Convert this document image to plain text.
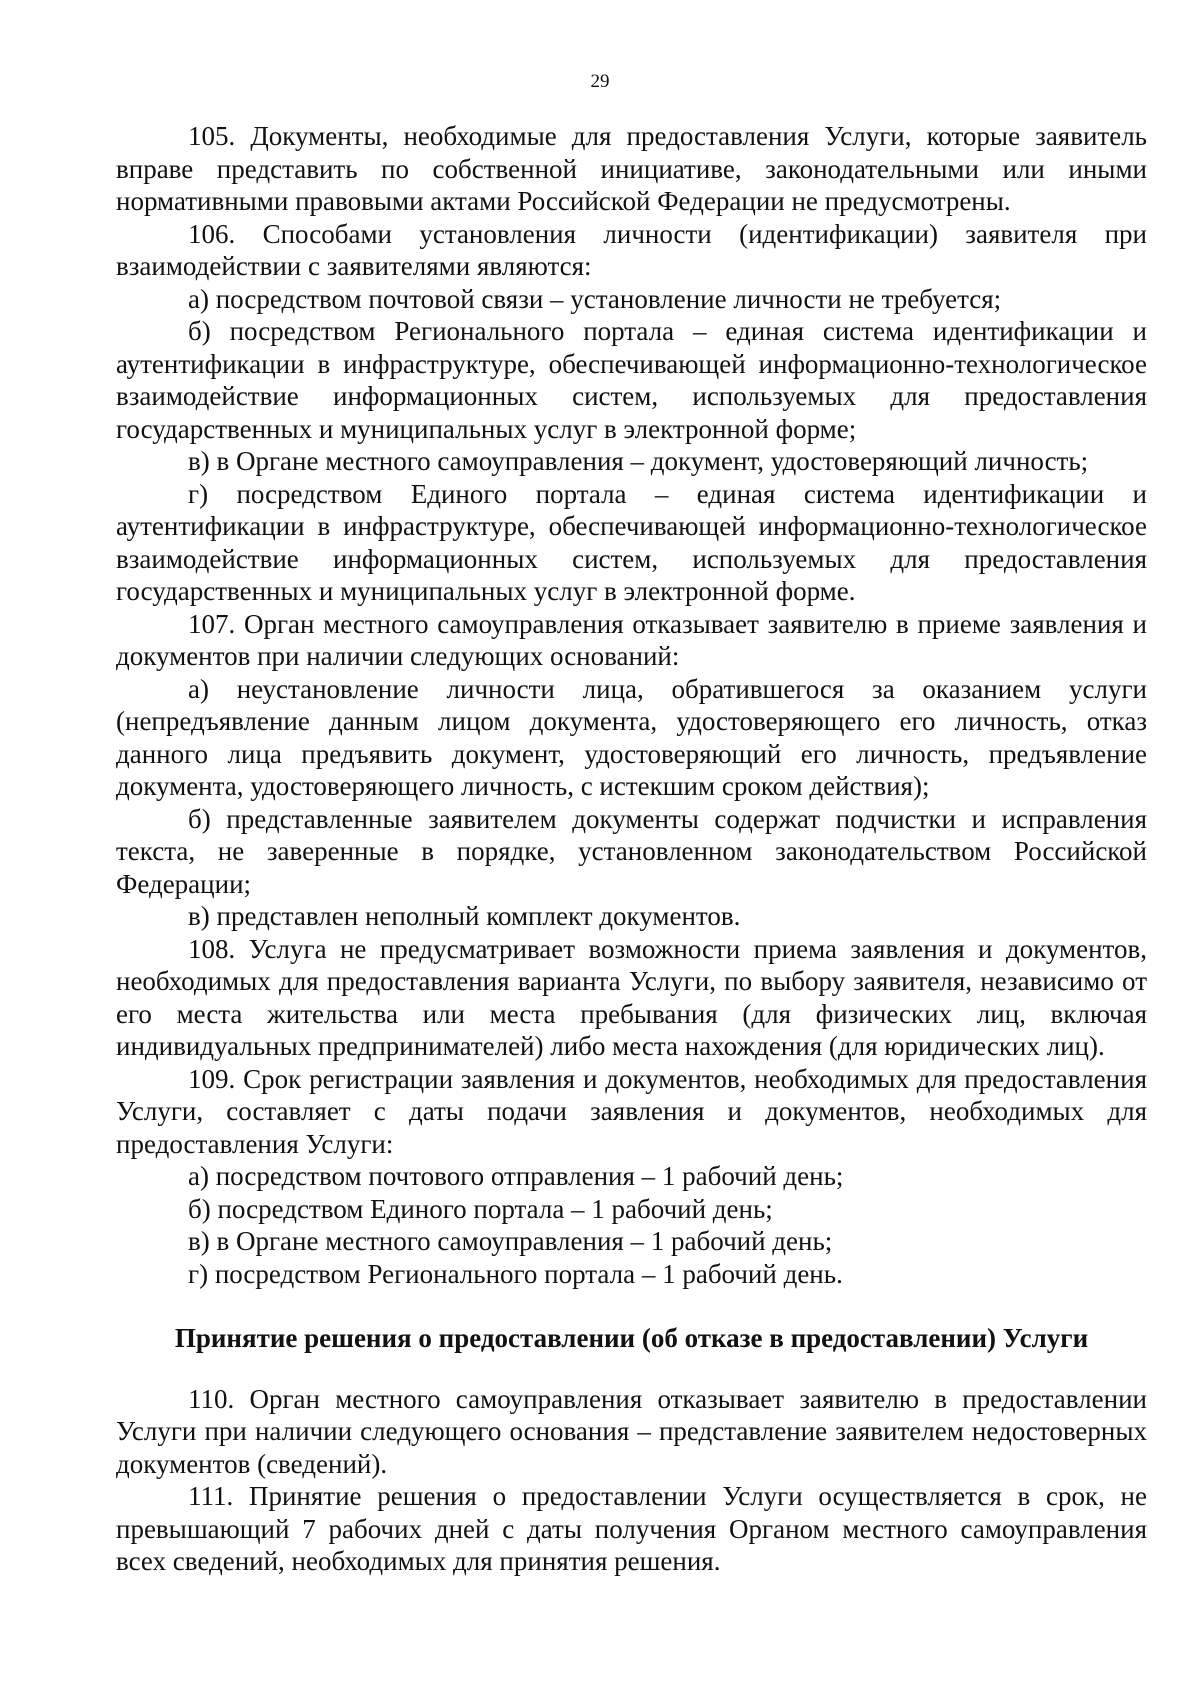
29

105. Документы, необходимые для предоставления Услуги, которые заявитель вправе представить по собственной инициативе, законодательными или иными нормативными правовыми актами Российской Федерации не предусмотрены.

106. Способами установления личности (идентификации) заявителя при взаимодействии с заявителями являются:

а) посредством почтовой связи – установление личности не требуется;

б) посредством Регионального портала – единая система идентификации и аутентификации в инфраструктуре, обеспечивающей информационно-технологическое взаимодействие информационных систем, используемых для предоставления государственных и муниципальных услуг в электронной форме;

в) в Органе местного самоуправления – документ, удостоверяющий личность;

г) посредством Единого портала – единая система идентификации и аутентификации в инфраструктуре, обеспечивающей информационно-технологическое взаимодействие информационных систем, используемых для предоставления государственных и муниципальных услуг в электронной форме.

107. Орган местного самоуправления отказывает заявителю в приеме заявления и документов при наличии следующих оснований:

а) неустановление личности лица, обратившегося за оказанием услуги (непредъявление данным лицом документа, удостоверяющего его личность, отказ данного лица предъявить документ, удостоверяющий его личность, предъявление документа, удостоверяющего личность, с истекшим сроком действия);

б) представленные заявителем документы содержат подчистки и исправления текста, не заверенные в порядке, установленном законодательством Российской Федерации;

в) представлен неполный комплект документов.

108. Услуга не предусматривает возможности приема заявления и документов, необходимых для предоставления варианта Услуги, по выбору заявителя, независимо от его места жительства или места пребывания (для физических лиц, включая индивидуальных предпринимателей) либо места нахождения (для юридических лиц).

109. Срок регистрации заявления и документов, необходимых для предоставления Услуги, составляет с даты подачи заявления и документов, необходимых для предоставления Услуги:

а) посредством почтового отправления – 1 рабочий день;

б) посредством Единого портала – 1 рабочий день;

в) в Органе местного самоуправления – 1 рабочий день;

г) посредством Регионального портала – 1 рабочий день.

Принятие решения о предоставлении (об отказе в предоставлении) Услуги

110. Орган местного самоуправления отказывает заявителю в предоставлении Услуги при наличии следующего основания – представление заявителем недостоверных документов (сведений).

111. Принятие решения о предоставлении Услуги осуществляется в срок, не превышающий 7 рабочих дней с даты получения Органом местного самоуправления всех сведений, необходимых для принятия решения.
